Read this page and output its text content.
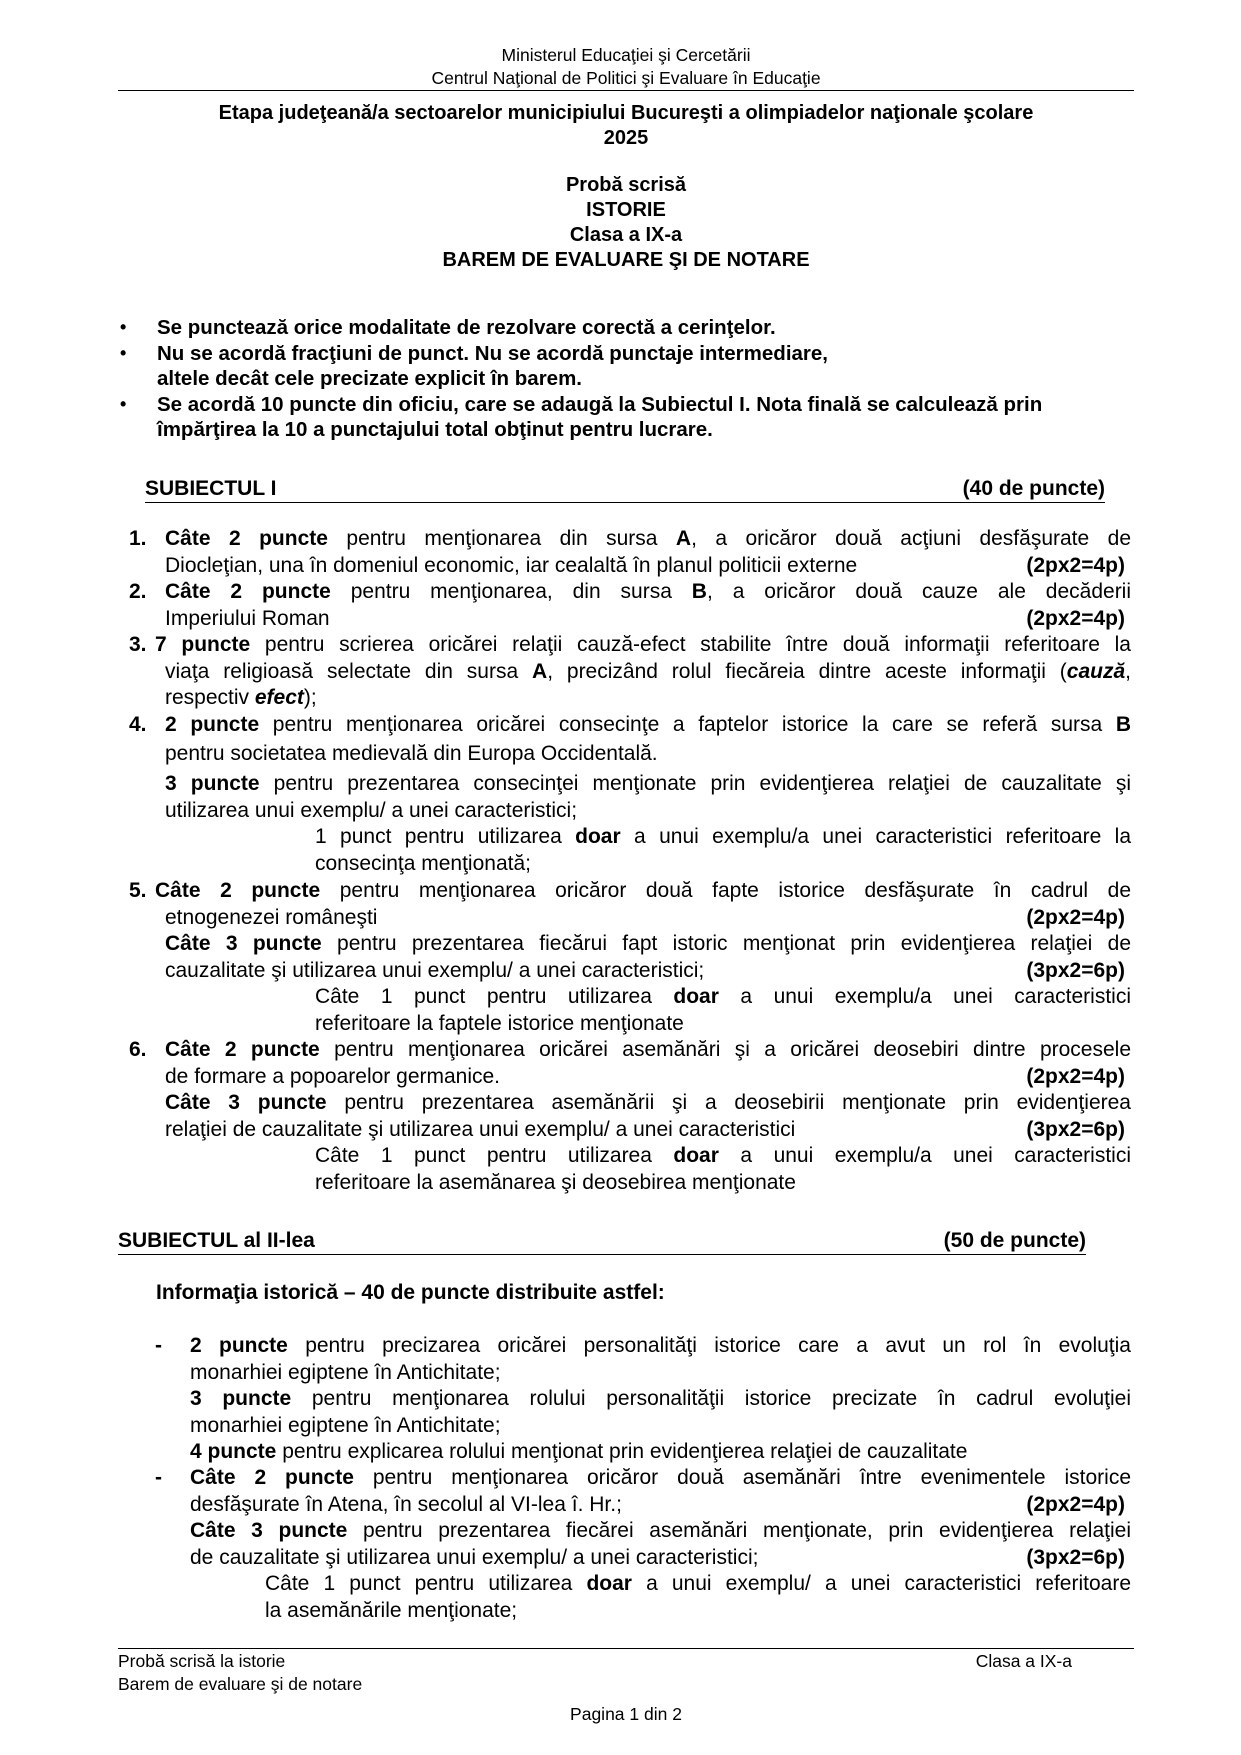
Ministerul Educaţiei şi Cercetării
Centrul Naţional de Politici şi Evaluare în Educaţie
Etapa judeţeană/a sectoarelor municipiului Bucureşti a olimpiadelor naţionale şcolare
2025
Probă scrisă
ISTORIE
Clasa a IX-a
BAREM DE EVALUARE ŞI DE NOTARE
• Se punctează orice modalitate de rezolvare corectă a cerinţelor.
• Nu se acordă fracţiuni de punct. Nu se acordă punctaje intermediare, altele decât cele precizate explicit în barem.
• Se acordă 10 puncte din oficiu, care se adaugă la Subiectul I. Nota finală se calculează prin împărţirea la 10 a punctajului total obţinut pentru lucrare.
SUBIECTUL I	(40 de puncte)
1. Câte 2 puncte pentru menţionarea din sursa A, a oricăror două acţiuni desfăşurate de
Diocleţian, una în domeniul economic, iar cealaltă în planul politicii externe	(2px2=4p)
2. Câte 2 puncte pentru menţionarea, din sursa B, a oricăror două cauze ale decăderii
Imperiului Roman	(2px2=4p)
3. 7 puncte pentru scrierea oricărei relaţii cauză-efect stabilite între două informaţii referitoare la
viaţa religioasă selectate din sursa A, precizând rolul fiecăreia dintre aceste informaţii (cauză,
respectiv efect);
4. 2 puncte pentru menţionarea oricărei consecinţe a faptelor istorice la care se referă sursa B
pentru societatea medievală din Europa Occidentală.
3 puncte pentru prezentarea consecinţei menţionate prin evidenţierea relaţiei de cauzalitate şi
utilizarea unui exemplu/ a unei caracteristici;
1 punct pentru utilizarea doar a unui exemplu/a unei caracteristici referitoare la
consecinţa menţionată;
5. Câte 2 puncte pentru menţionarea oricăror două fapte istorice desfăşurate în cadrul de
etnogenezei româneşti	(2px2=4p)
Câte 3 puncte pentru prezentarea fiecărui fapt istoric menţionat prin evidenţierea relaţiei de
cauzalitate şi utilizarea unui exemplu/ a unei caracteristici;	(3px2=6p)
Câte 1 punct pentru utilizarea doar a unui exemplu/a unei caracteristici
referitoare la faptele istorice menţionate
6. Câte 2 puncte pentru menţionarea oricărei asemănări şi a oricărei deosebiri dintre procesele
de formare a popoarelor germanice.	(2px2=4p)
Câte 3 puncte pentru prezentarea asemănării şi a deosebirii menţionate prin evidenţierea
relaţiei de cauzalitate şi utilizarea unui exemplu/ a unei caracteristici	(3px2=6p)
Câte 1 punct pentru utilizarea doar a unui exemplu/a unei caracteristici
referitoare la asemănarea şi deosebirea menţionate
SUBIECTUL al II-lea	(50 de puncte)
Informaţia istorică – 40 de puncte distribuite astfel:
- 2 puncte pentru precizarea oricărei personalităţi istorice care a avut un rol în evoluţia
monarhiei egiptene în Antichitate;
3 puncte pentru menţionarea rolului personalităţii istorice precizate în cadrul evoluţiei
monarhiei egiptene în Antichitate;
4 puncte pentru explicarea rolului menţionat prin evidenţierea relaţiei de cauzalitate
- Câte 2 puncte pentru menţionarea oricăror două asemănări între evenimentele istorice
desfăşurate în Atena, în secolul al VI-lea î. Hr.;	(2px2=4p)
Câte 3 puncte pentru prezentarea fiecărei asemănări menţionate, prin evidenţierea relaţiei
de cauzalitate şi utilizarea unui exemplu/ a unei caracteristici;	(3px2=6p)
Câte 1 punct pentru utilizarea doar a unui exemplu/ a unei caracteristici referitoare
la asemănările menţionate;
Probă scrisă la istorie
Barem de evaluare şi de notare
Clasa a IX-a
Pagina 1 din 2
